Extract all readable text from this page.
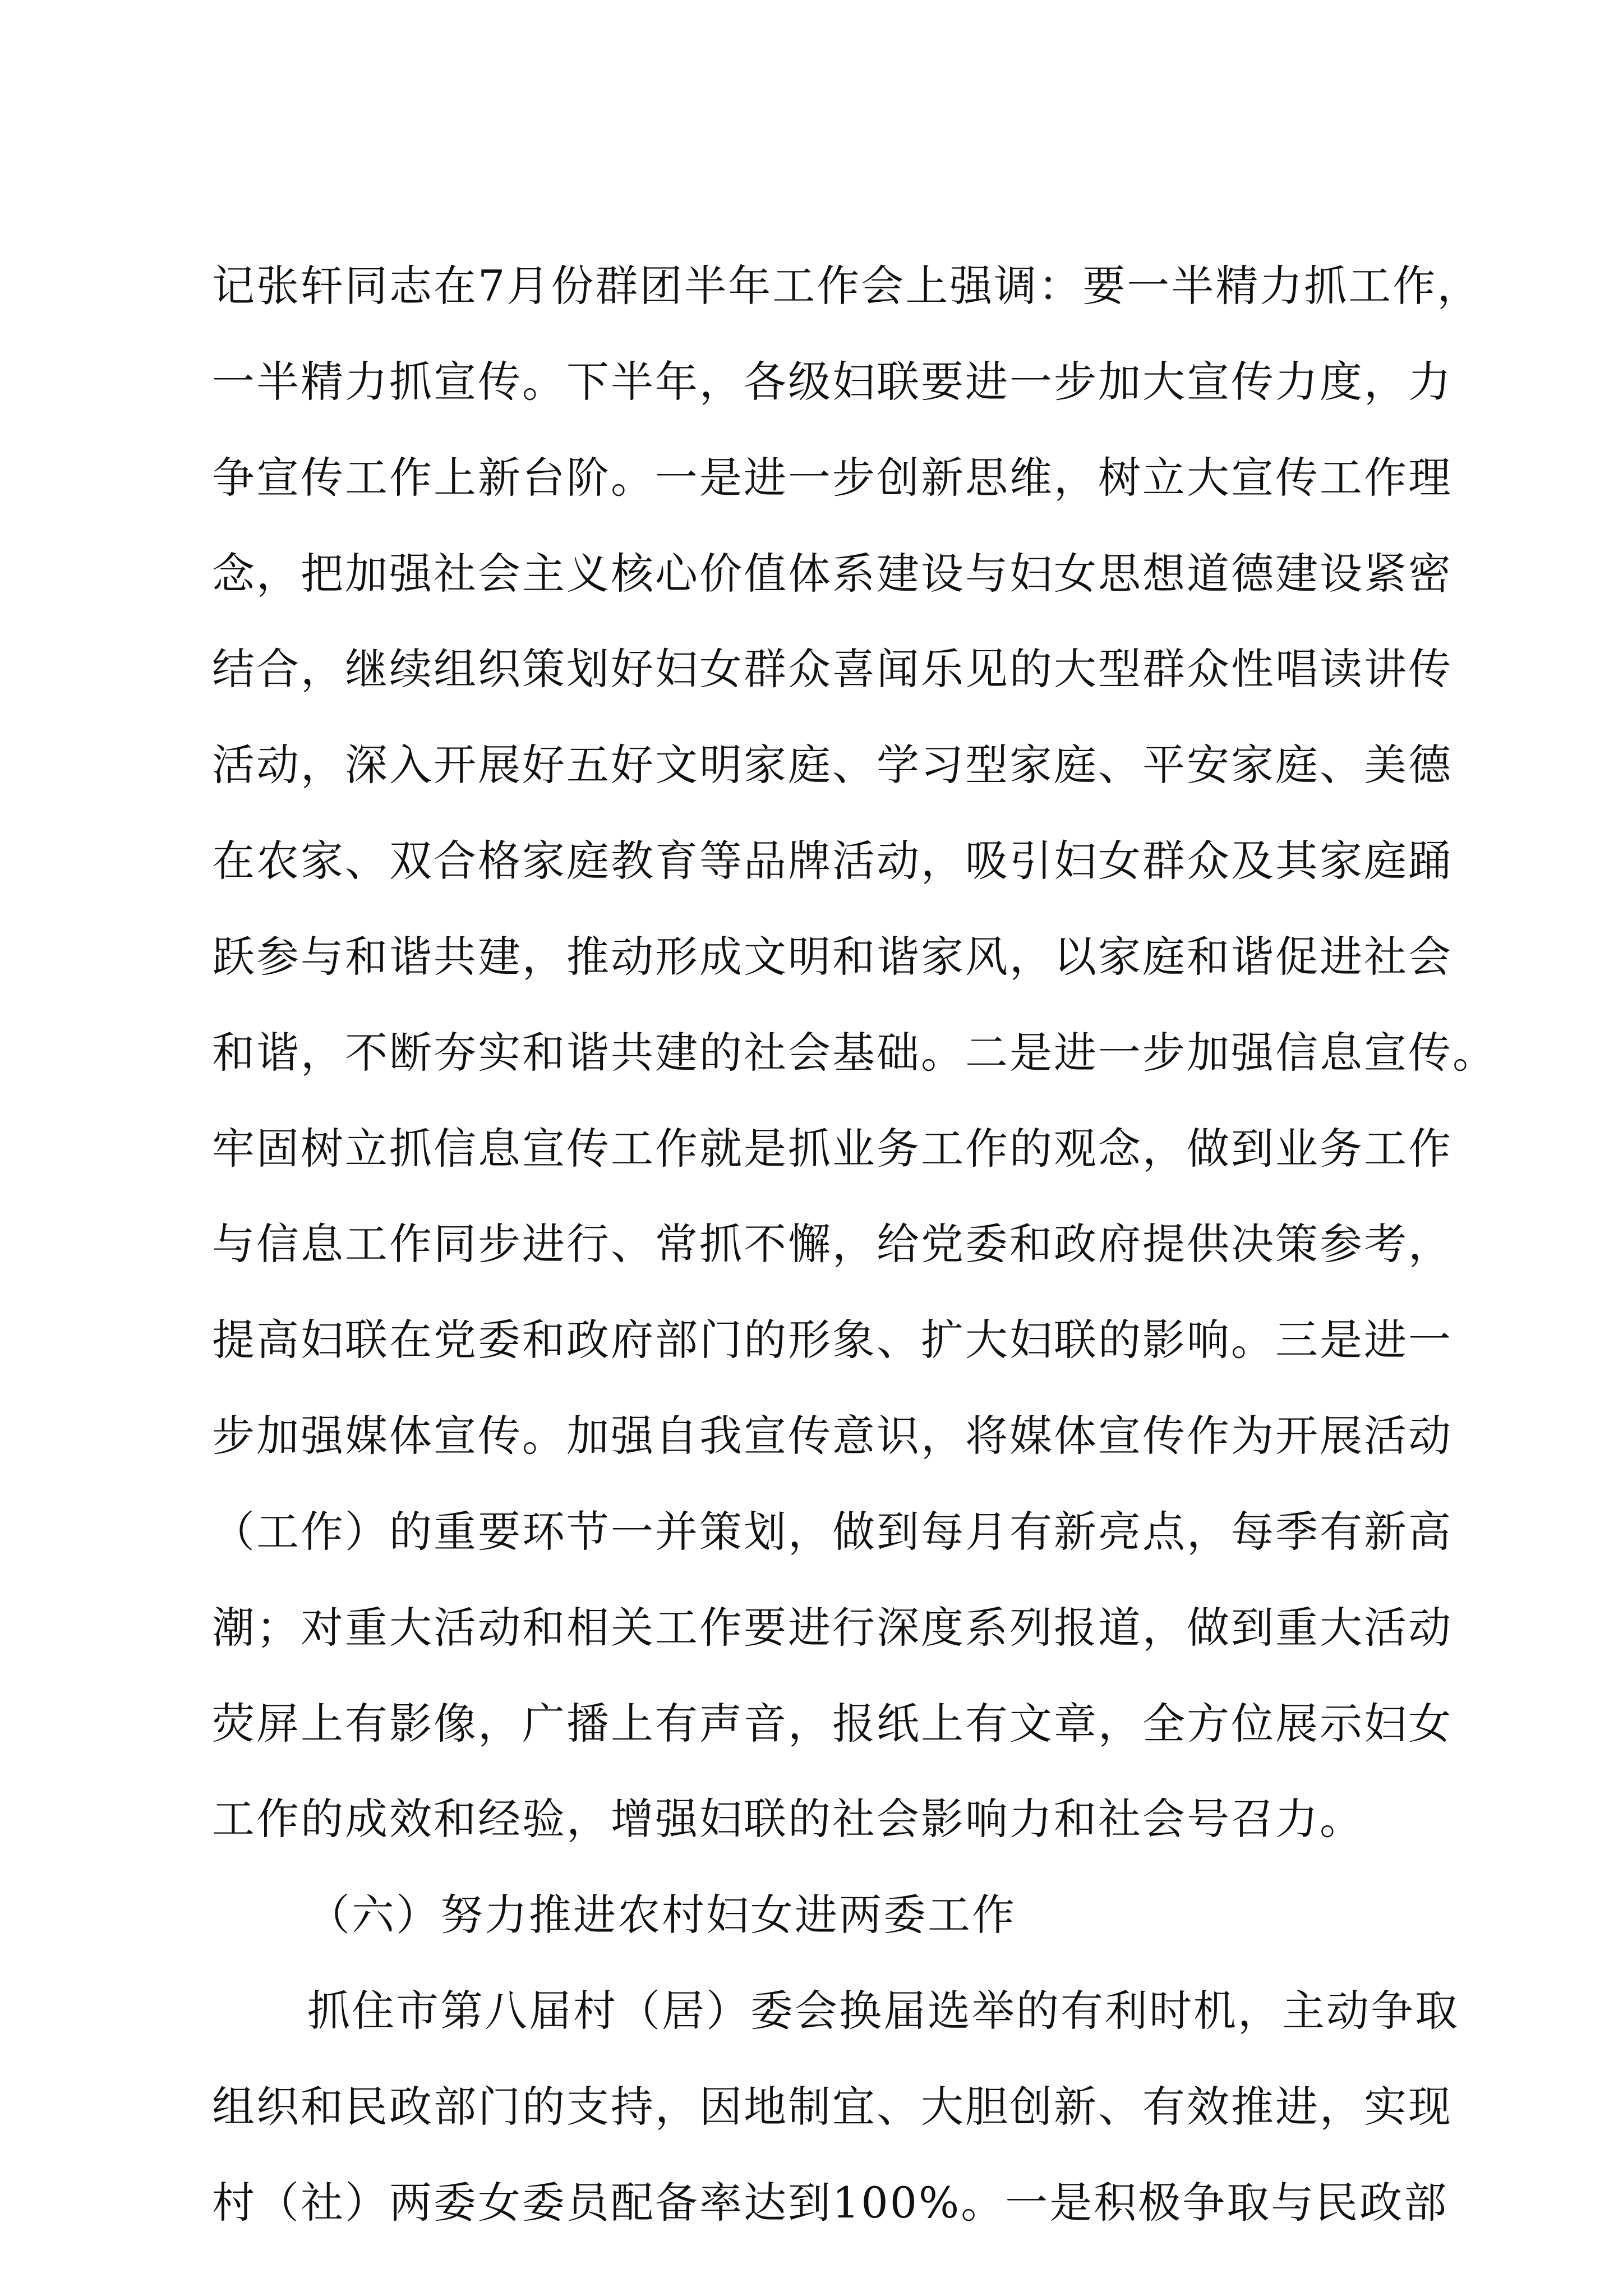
记张轩同志在7月份群团半年工作会上强调：要一半精力抓工作，
一半精力抓宣传。下半年，各级妇联要进一步加大宣传力度，力
争宣传工作上新台阶。一是进一步创新思维，树立大宣传工作理
念，把加强社会主义核心价值体系建设与妇女思想道德建设紧密
结合，继续组织策划好妇女群众喜闻乐见的大型群众性唱读讲传
活动，深入开展好五好文明家庭、学习型家庭、平安家庭、美德
在农家、双合格家庭教育等品牌活动，吸引妇女群众及其家庭踊
跃参与和谐共建，推动形成文明和谐家风，以家庭和谐促进社会
和谐，不断夯实和谐共建的社会基础。二是进一步加强信息宣传。
牢固树立抓信息宣传工作就是抓业务工作的观念，做到业务工作
与信息工作同步进行、常抓不懈，给党委和政府提供决策参考，
提高妇联在党委和政府部门的形象、扩大妇联的影响。三是进一
步加强媒体宣传。加强自我宣传意识，将媒体宣传作为开展活动
（工作）的重要环节一并策划，做到每月有新亮点，每季有新高
潮；对重大活动和相关工作要进行深度系列报道，做到重大活动
荧屏上有影像，广播上有声音，报纸上有文章，全方位展示妇女
工作的成效和经验，增强妇联的社会影响力和社会号召力。
（六）努力推进农村妇女进两委工作
抓住市第八届村（居）委会换届选举的有利时机，主动争取
组织和民政部门的支持，因地制宜、大胆创新、有效推进，实现
村（社）两委女委员配备率达到100%。一是积极争取与民政部
